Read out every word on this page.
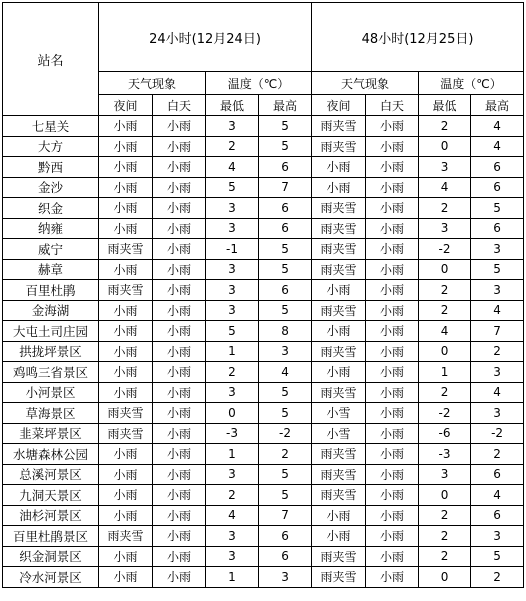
站名	24小时(12月24日)				48小时(12月25日)			
	天气现象		温度（℃）		天气现象		温度（℃）	
	夜间	白天	最低	最高	夜间	白天	最低	最高
七星关	小雨	小雨	3	5	雨夹雪	小雨	2	4
大方	小雨	小雨	2	5	雨夹雪	小雨	0	4
黔西	小雨	小雨	4	6	小雨	小雨	3	6
金沙	小雨	小雨	5	7	小雨	小雨	4	6
织金	小雨	小雨	3	6	雨夹雪	小雨	2	5
纳雍	小雨	小雨	3	6	雨夹雪	小雨	3	6
威宁	雨夹雪	小雨	-1	5	雨夹雪	小雨	-2	3
赫章	小雨	小雨	3	5	雨夹雪	小雨	0	5
百里杜鹃	雨夹雪	小雨	3	6	小雨	小雨	2	3
金海湖	小雨	小雨	3	5	雨夹雪	小雨	2	4
大屯土司庄园	小雨	小雨	5	8	小雨	小雨	4	7
拱拢坪景区	小雨	小雨	1	3	雨夹雪	小雨	0	2
鸡鸣三省景区	小雨	小雨	2	4	小雨	小雨	1	3
小河景区	小雨	小雨	3	5	雨夹雪	小雨	2	4
草海景区	雨夹雪	小雨	0	5	小雪	小雨	-2	3
韭菜坪景区	雨夹雪	小雨	-3	-2	小雪	小雨	-6	-2
水塘森林公园	小雨	小雨	1	2	雨夹雪	小雨	-3	2
总溪河景区	小雨	小雨	3	5	雨夹雪	小雨	3	6
九洞天景区	小雨	小雨	2	5	雨夹雪	小雨	0	4
油杉河景区	小雨	小雨	4	7	小雨	小雨	2	6
百里杜鹃景区	雨夹雪	小雨	3	6	小雨	小雨	2	3
织金洞景区	小雨	小雨	3	6	雨夹雪	小雨	2	5
冷水河景区	小雨	小雨	1	3	雨夹雪	小雨	0	2
